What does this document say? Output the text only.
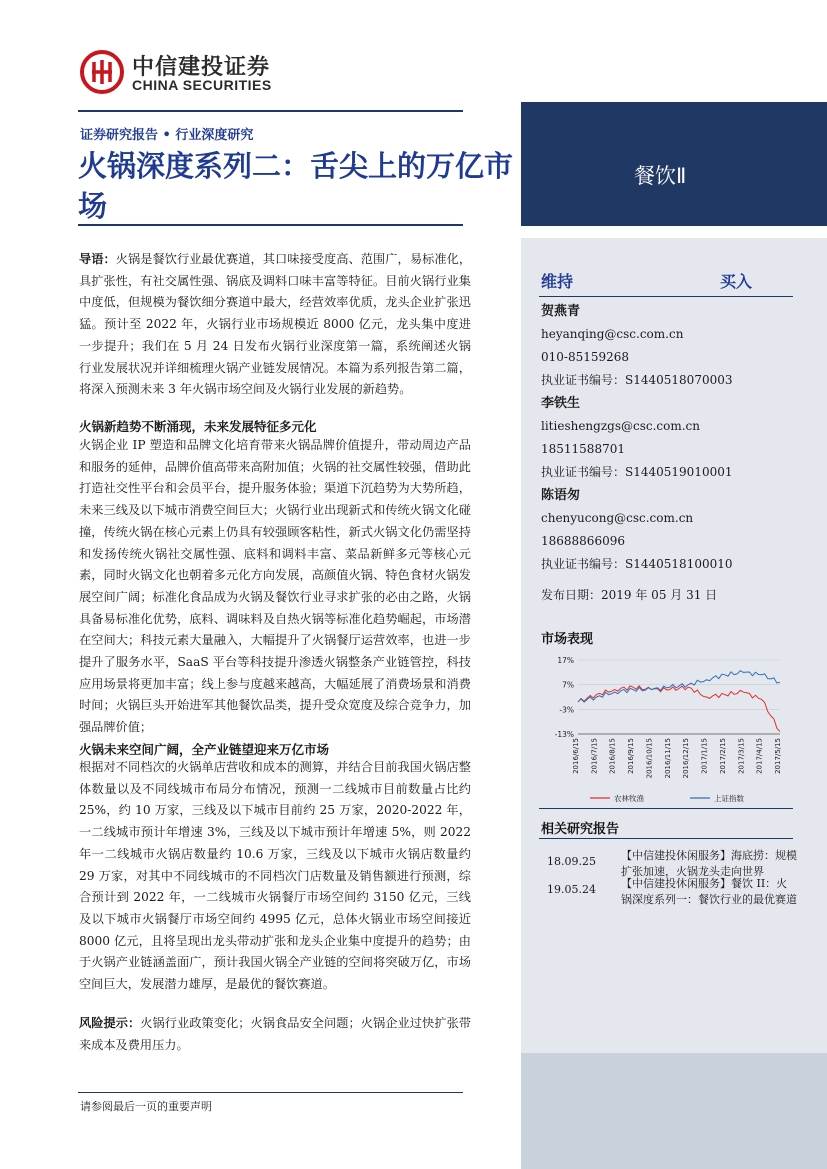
中信建投证券
CHINA SECURITIES
证券研究报告 • 行业深度研究
火锅深度系列二：舌尖上的万亿市场
餐饮Ⅱ
维持	买入
贺燕青
heyanqing@csc.com.cn
010-85159268
执业证书编号：S1440518070003
李铁生
litieshengzgs@csc.com.cn
18511588701
执业证书编号：S1440519010001
陈语匆
chenyucong@csc.com.cn
18688866096
执业证书编号：S1440518100010
发布日期：2019 年 05 月 31 日
市场表现
17%
7%
-3%
-13%
2016/6/15 2016/7/15 2016/8/15 2016/9/15 2016/10/15 2016/11/15 2016/12/15 2017/1/15 2017/2/15 2017/3/15 2017/4/15 2017/5/15
农林牧渔	上证指数
相关研究报告
18.09.25 【中信建投休闲服务】海底捞：规模扩张加速，火锅龙头走向世界
19.05.24 【中信建投休闲服务】餐饮 II：火锅深度系列一：餐饮行业的最优赛道
导语：火锅是餐饮行业最优赛道，其口味接受度高、范围广，易标准化，具扩张性，有社交属性强、锅底及调料口味丰富等特征。目前火锅行业集中度低，但规模为餐饮细分赛道中最大，经营效率优质，龙头企业扩张迅猛。预计至 2022 年，火锅行业市场规模近 8000 亿元，龙头集中度进一步提升；我们在 5 月 24 日发布火锅行业深度第一篇，系统阐述火锅行业发展状况并详细梳理火锅产业链发展情况。本篇为系列报告第二篇，将深入预测未来 3 年火锅市场空间及火锅行业发展的新趋势。
火锅新趋势不断涌现，未来发展特征多元化
火锅企业 IP 塑造和品牌文化培育带来火锅品牌价值提升，带动周边产品和服务的延伸，品牌价值高带来高附加值；火锅的社交属性较强，借助此打造社交性平台和会员平台，提升服务体验；渠道下沉趋势为大势所趋，未来三线及以下城市消费空间巨大；火锅行业出现新式和传统火锅文化碰撞，传统火锅在核心元素上仍具有较强顾客粘性，新式火锅文化仍需坚持和发扬传统火锅社交属性强、底料和调料丰富、菜品新鲜多元等核心元素，同时火锅文化也朝着多元化方向发展，高颜值火锅、特色食材火锅发展空间广阔；标准化食品成为火锅及餐饮行业寻求扩张的必由之路，火锅具备易标准化优势，底料、调味料及自热火锅等标准化趋势崛起，市场潜在空间大；科技元素大量融入，大幅提升了火锅餐厅运营效率，也进一步提升了服务水平，SaaS 平台等科技提升渗透火锅整条产业链管控，科技应用场景将更加丰富；线上参与度越来越高，大幅延展了消费场景和消费时间；火锅巨头开始进军其他餐饮品类，提升受众宽度及综合竞争力，加强品牌价值；
火锅未来空间广阔，全产业链望迎来万亿市场
根据对不同档次的火锅单店营收和成本的测算，并结合目前我国火锅店整体数量以及不同线城市布局分布情况，预测一二线城市目前数量占比约 25%，约 10 万家，三线及以下城市目前约 25 万家，2020-2022 年，一二线城市预计年增速 3%，三线及以下城市预计年增速 5%，则 2022 年一二线城市火锅店数量约 10.6 万家，三线及以下城市火锅店数量约 29 万家，对其中不同线城市的不同档次门店数量及销售额进行预测，综合预计到 2022 年，一二线城市火锅餐厅市场空间约 3150 亿元，三线及以下城市火锅餐厅市场空间约 4995 亿元，总体火锅业市场空间接近 8000 亿元，且将呈现出龙头带动扩张和龙头企业集中度提升的趋势；由于火锅产业链涵盖面广，预计我国火锅全产业链的空间将突破万亿，市场空间巨大，发展潜力雄厚，是最优的餐饮赛道。
风险提示：火锅行业政策变化；火锅食品安全问题；火锅企业过快扩张带来成本及费用压力。
请参阅最后一页的重要声明
